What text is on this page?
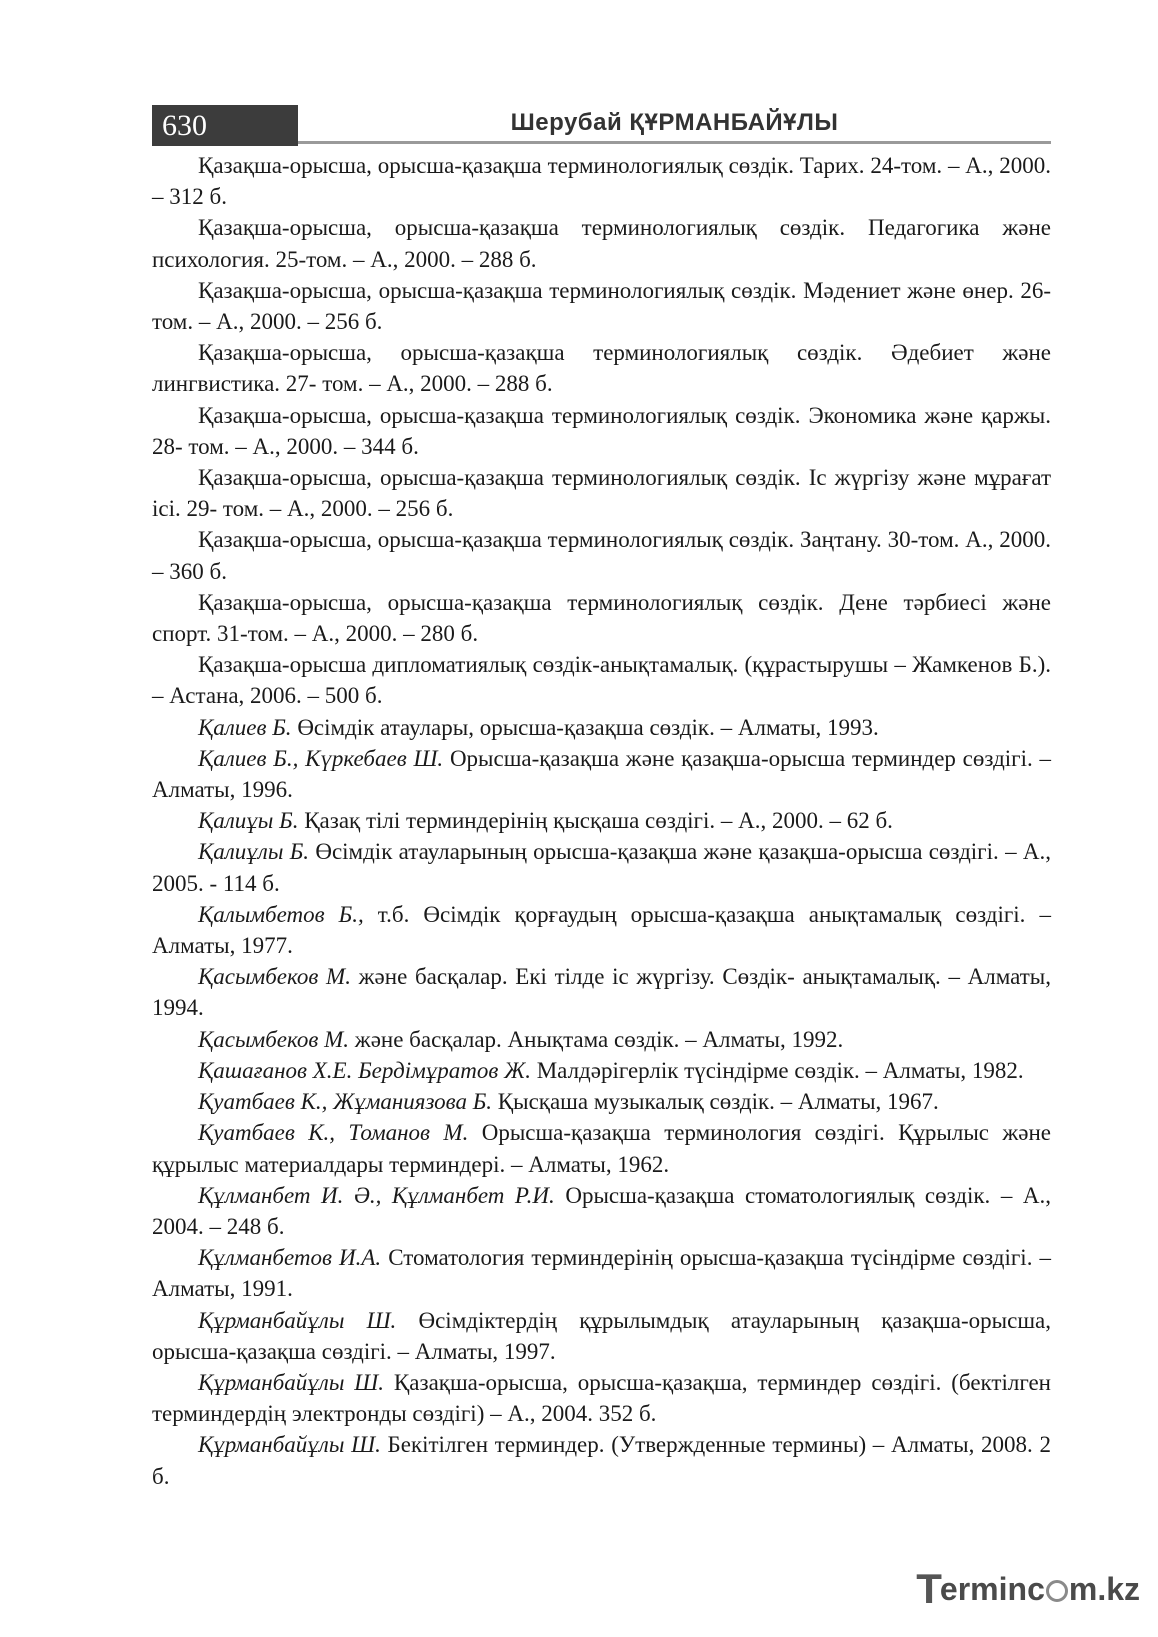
630	Шерубай ҚҰРМАНБАЙҰЛЫ

Қазақша-орысша, орысша-қазақша терминологиялық сөздік. Тарих. 24-том. – А., 2000. – 312 б.

Қазақша-орысша, орысша-қазақша терминологиялық сөздік. Педагогика және психология. 25-том. – А., 2000. – 288 б.

Қазақша-орысша, орысша-қазақша терминологиялық сөздік. Мәдениет және өнер. 26- том. – А., 2000. – 256 б.

Қазақша-орысша, орысша-қазақша терминологиялық сөздік. Әдебиет және лингвистика. 27- том. – А., 2000. – 288 б.

Қазақша-орысша, орысша-қазақша терминологиялық сөздік. Экономика және қаржы. 28- том. – А., 2000. – 344 б.

Қазақша-орысша, орысша-қазақша терминологиялық сөздік. Іс жүргізу және мұрағат ісі. 29- том. – А., 2000. – 256 б.

Қазақша-орысша, орысша-қазақша терминологиялық сөздік. Заңтану. 30-том. А., 2000. – 360 б.

Қазақша-орысша, орысша-қазақша терминологиялық сөздік. Дене тәрбиесі және спорт. 31-том. – А., 2000. – 280 б.

Қазақша-орысша дипломатиялық сөздік-анықтамалық. (құрастырушы – Жамкенов Б.). – Астана, 2006. – 500 б.

Қалиев Б. Өсімдік атаулары, орысша-қазақша сөздік. – Алматы, 1993.

Қалиев Б., Күркебаев Ш. Орысша-қазақша және қазақша-орысша терминдер сөздігі. – Алматы, 1996.

Қалиұы Б. Қазақ тілі терминдерінің қысқаша сөздігі. – А., 2000. – 62 б.

Қалиұлы Б. Өсімдік атауларының орысша-қазақша және қазақша-орысша сөздігі. – А., 2005. - 114 б.

Қалымбетов Б., т.б. Өсімдік қорғаудың орысша-қазақша анықтамалық сөздігі. – Алматы, 1977.

Қасымбеков М. және басқалар. Екі тілде іс жүргізу. Сөздік- анықтамалық. – Алматы, 1994.

Қасымбеков М. және басқалар. Анықтама сөздік. – Алматы, 1992.

Қашағанов Х.Е. Бердімұратов Ж. Малдәрігерлік түсіндірме сөздік. – Алматы, 1982.

Қуатбаев К., Жұманиязова Б. Қысқаша музыкалық сөздік. – Алматы, 1967.

Қуатбаев К., Томанов М. Орысша-қазақша терминология сөздігі. Құрылыс және құрылыс материалдары терминдері. – Алматы, 1962.

Құлманбет И. Ә., Құлманбет Р.И. Орысша-қазақша стоматологиялық сөздік. – А., 2004. – 248 б.

Құлманбетов И.А. Стоматология терминдерінің орысша-қазақша түсіндірме сөздігі. – Алматы, 1991.

Құрманбайұлы Ш. Өсімдіктердің құрылымдық атауларының қазақша-орысша, орысша-қазақша сөздігі. – Алматы, 1997.

Құрманбайұлы Ш. Қазақша-орысша, орысша-қазақша, терминдер сөздігі. (бектілген терминдердің электронды сөздігі) – А., 2004. 352 б.

Құрманбайұлы Ш. Бекітілген терминдер. (Утвержденные термины) – Алматы, 2008. 2 б.

T
erminc m.kz
